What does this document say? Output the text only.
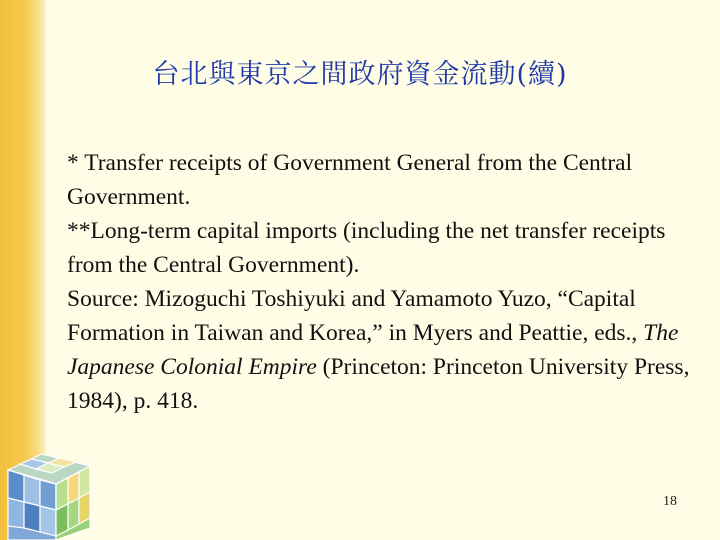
台北與東京之間政府資金流動(續)

* Transfer receipts of Government General from the Central Government.

**Long-term capital imports (including the net transfer receipts from the Central Government).

Source: Mizoguchi Toshiyuki and Yamamoto Yuzo, “Capital Formation in Taiwan and Korea,” in Myers and Peattie, eds., The Japanese Colonial Empire (Princeton: Princeton University Press, 1984), p. 418.

18
